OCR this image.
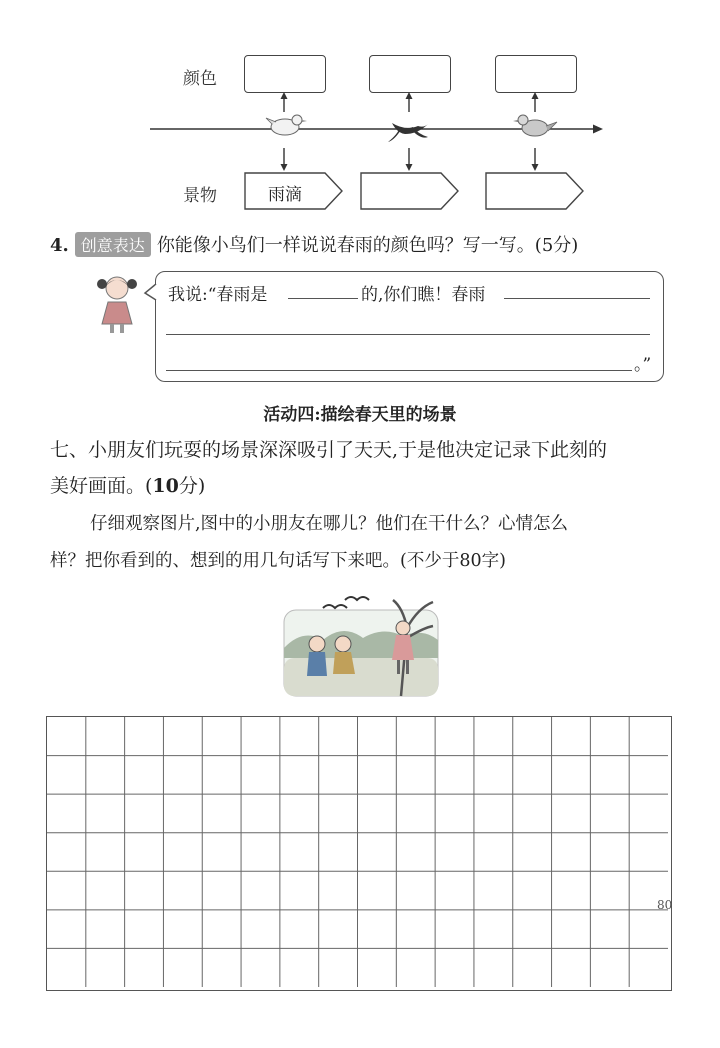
颜色
景物	雨滴
4. 创意表达 你能像小鸟们一样说说春雨的颜色吗？写一写。(5分)
我说:“春雨是	的,你们瞧！春雨
。”
活动四:描绘春天里的场景
七、小朋友们玩耍的场景深深吸引了天天,于是他决定记录下此刻的
美好画面。(10分)
仔细观察图片,图中的小朋友在哪儿？他们在干什么？心情怎么
样？把你看到的、想到的用几句话写下来吧。(不少于80字)
80
